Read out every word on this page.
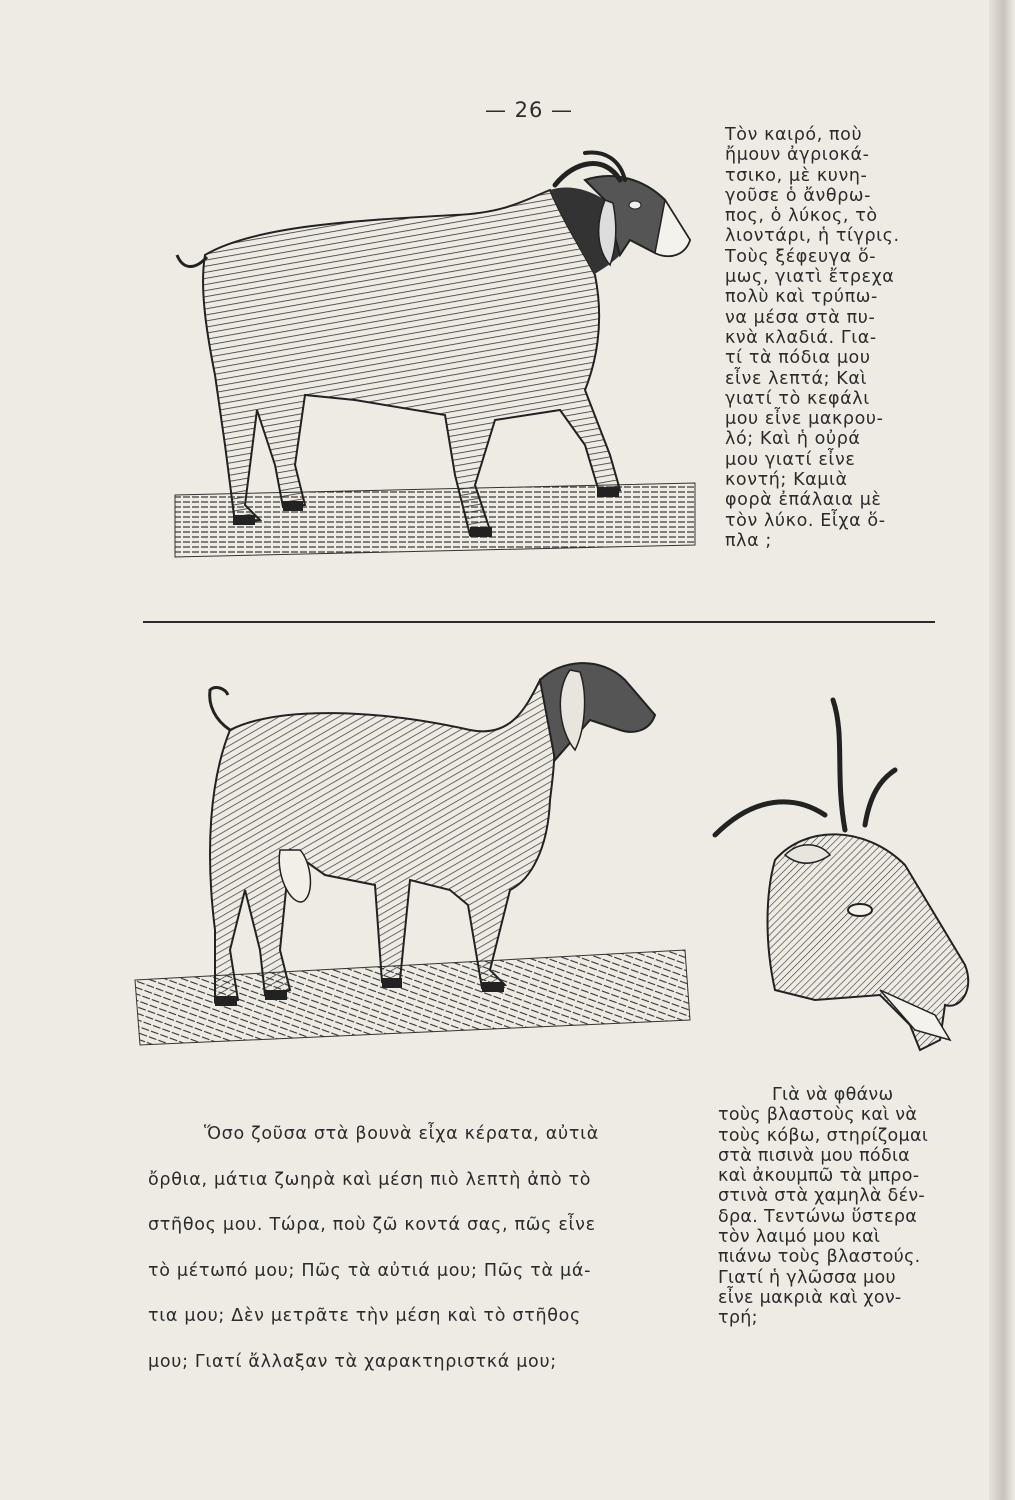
— 26 —
Τὸν καιρό, ποὺ
ἤμουν ἀγριοκά-
τσικο, μὲ κυνη-
γοῦσε ὁ ἄνθρω-
πος, ὁ λύκος, τὸ
λιοντάρι, ἡ τίγρις.
Τοὺς ξέφευγα ὅ-
μως, γιατὶ ἔτρεχα
πολὺ καὶ τρύπω-
να μέσα στὰ πυ-
κνὰ κλαδιά. Για-
τί τὰ πόδια μου
εἶνε λεπτά; Καὶ
γιατί τὸ κεφάλι
μου εἶνε μακρου-
λό; Καὶ ἡ οὐρά
μου γιατί εἶνε
κοντή; Καμιὰ
φορὰ ἐπάλαια μὲ
τὸν λύκο. Εἶχα ὅ-
πλα ;
Γιὰ νὰ φθάνω
τοὺς βλαστοὺς καὶ νὰ
τοὺς κόβω, στηρίζομαι
στὰ πισινὰ μου πόδια
καὶ ἀκουμπῶ τὰ μπρο-
στινὰ στὰ χαμηλὰ δέν-
δρα. Τεντώνω ὕστερα
τὸν λαιμό μου καὶ
πιάνω τοὺς βλαστούς.
Γιατί ἡ γλῶσσα μου
εἶνε μακριὰ καὶ χον-
τρή;
Ὅσο ζοῦσα στὰ βουνὰ εἶχα κέρατα, αὐτιὰ
ὄρθια, μάτια ζωηρὰ καὶ μέση πιὸ λεπτὴ ἀπὸ τὸ
στῆθος μου. Τώρα, ποὺ ζῶ κοντά σας, πῶς εἶνε
τὸ μέτωπό μου; Πῶς τὰ αὐτιά μου; Πῶς τὰ μά-
τια μου; Δὲν μετρᾶτε τὴν μέση καὶ τὸ στῆθος
μου; Γιατί ἄλλαξαν τὰ χαρακτηριστκά μου;
